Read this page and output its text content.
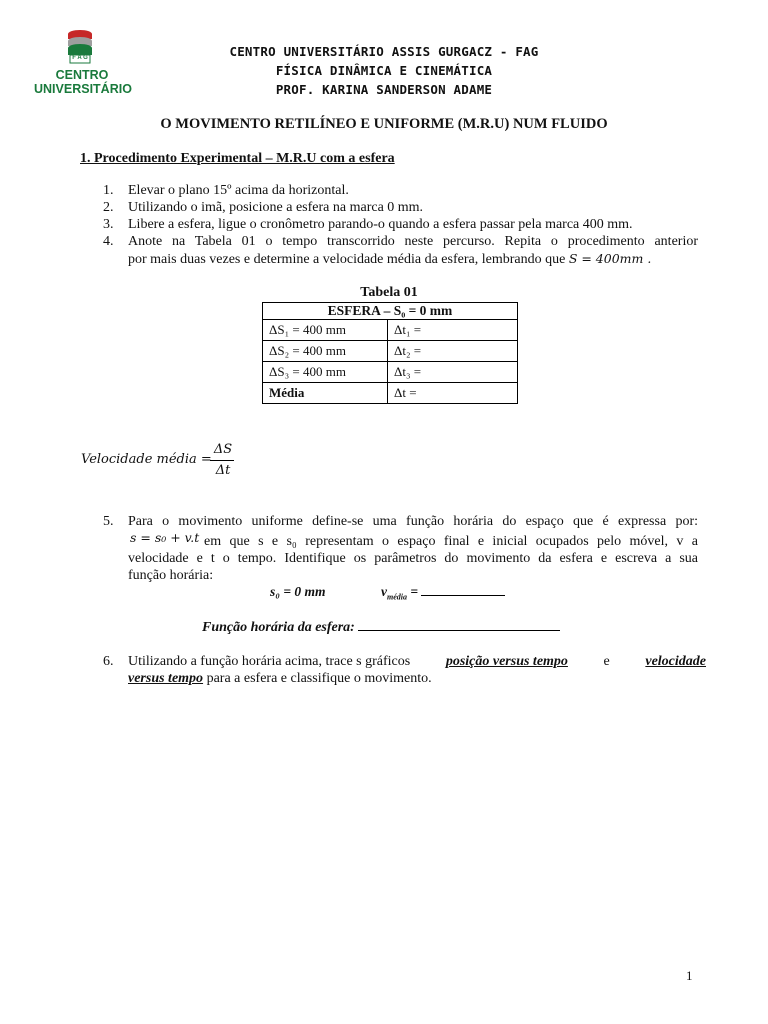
F A G
CENTRO
UNIVERSITÁRIO
CENTRO UNIVERSITÁRIO ASSIS GURGACZ - FAG
FÍSICA DINÂMICA E CINEMÁTICA
PROF. KARINA SANDERSON ADAME
O MOVIMENTO RETILÍNEO E UNIFORME (M.R.U) NUM FLUIDO
1. Procedimento Experimental – M.R.U com a esfera
1. Elevar o plano 15º acima da horizontal.
2. Utilizando o imã, posicione a esfera na marca 0 mm.
3. Libere a esfera, ligue o cronômetro parando-o quando a esfera passar pela marca 400 mm.
4. Anote na Tabela 01 o tempo transcorrido neste percurso. Repita o procedimento anterior
por mais duas vezes e determine a velocidade média da esfera, lembrando que S = 400mm .
Tabela 01
ESFERA – S₀ = 0 mm	
ΔS₁ = 400 mm	Δt₁ =
ΔS₂ = 400 mm	Δt₂ =
ΔS₃ = 400 mm	Δt₃ =
Média	Δt =
Velocidade média =
ΔS
Δt
5. Para o movimento uniforme define-se uma função horária do espaço que é expressa por:
s = s₀ + v.t em que s e s₀ representam o espaço final e inicial ocupados pelo móvel, v a
velocidade e t o tempo. Identifique os parâmetros do movimento da esfera e escreva a sua
função horária:
s₀ = 0 mm	$v_{média}$ =
Função horária da esfera:
6. Utilizando a função horária acima, trace s gráficos	posição versus tempo	e	velocidade
versus tempo para a esfera e classifique o movimento.
1
